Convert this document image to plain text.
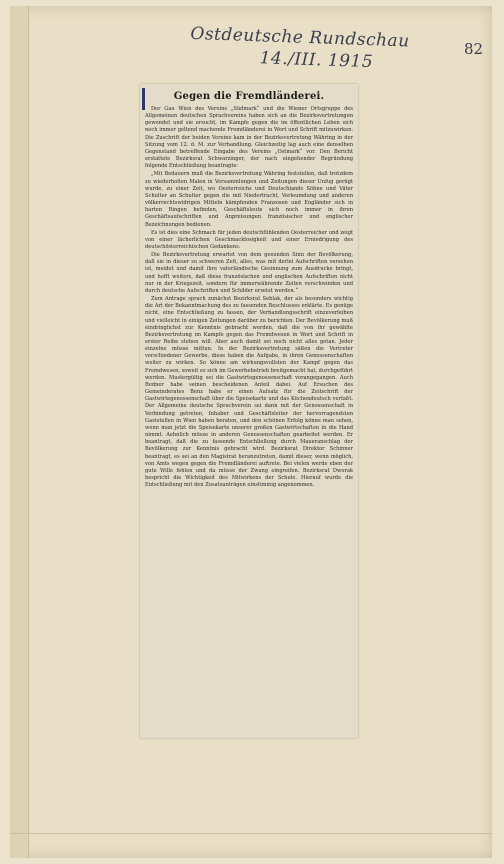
Ostdeutsche Rundschau
14./III. 1915	82
Gegen die Fremdländerei.

Der Gau Wien des Vereins „Südmark“ und die Wiener Ortsgruppe des Allgemeinen deutschen Sprachvereins haben sich an die Bezirksvertretungen gewendet und sie ersucht, im Kampfe gegen die im öffentlichen Leben sich noch immer geltend machende Fremdländerei in Wort und Schrift mitzuwirken. Die Zuschrift der beiden Vereine kam in der Bezirksvertretung Währing in der Sitzung vom 12. d. M. zur Verhandlung. Gleichzeitig lag auch eine denselben Gegenstand betreffende Eingabe des Vereins „Ostmark“ vor. Den Bericht erstattete Bezirksrat Schwarzinger, der nach eingehender Begründung folgende Entschließung beantragte:

„Mit Bedauern muß die Bezirksvertretung Währing feststellen, daß trotzdem zu wiederholten Malen in Versammlungen und Zeitungen dieser Unfug gerügt wurde, zu einer Zeit, wo Oesterreichs und Deutschlands Söhne und Väter Schulter an Schulter gegen die mit Niedertracht, Verleumdung und anderen völkerrechtswidrigen Mitteln kämpfenden Franzosen und Engländer sich in harten Ringen befinden, Geschäftsleute sich noch immer in ihren Geschäftsaufschriften und Anpreisungen französischer und englischer Bezeichnungen bedienen.

Es ist dies eine Schmach für jeden deutschfühlenden Oesterreicher und zeigt von einer lächerlichen Geschmacklosigkeit und einer Erniedrigung des deutschösterreichischen Gedankens.

Die Bezirksvertretung erwartet von dem gesunden Sinn der Bevölkerung, daß sie in dieser so schweren Zeit, alles, was mit derlei Aufschriften versehen ist, meidet und damit ihre vaterländische Gesinnung zum Ausdrucke bringt, und hofft weiters, daß diese französischen und englischen Aufschriften nicht nur in der Kriegszeit, sondern für immerwährende Zeiten verschwinden und durch deutsche Aufschriften und Schilder ersetzt werden.“

Zum Antrage sprach zunächst Bezirksrat Seblak, der als besonders wichtig die Art der Bekanntmachung des zu fassenden Beschlusses erklärte. Es genüge nicht, eine Entschließung zu fassen, der Verhandlungsschrift einzuverleiben und vielleicht in einigen Zeitungen darüber zu berichten. Der Bevölkerung muß eindringlichst zur Kenntnis gebracht werden, daß die von ihr gewählte Bezirksvertretung im Kampfe gegen das Fremdwesen in Wort und Schrift in erster Reihe stehen will. Aber auch damit sei noch nicht alles getan. Jeder einzelne müsse mittun. In der Bezirksvertretung säßen die Vertreter verschiedener Gewerbe, diese haben die Aufgabe, in ihren Genossenschaften weiter zu wirken. So könne am wirkungsvollsten der Kampf gegen das Fremdwesen, soweit es sich im Gewerbebetrieb breitgemacht hat, durchgeführt werden. Mustergültig sei die Gastwirtegenossenschaft vorangegangen. Auch Redner habe seinen bescheidenen Anteil dabei. Auf Ersuchen des Gemeinderates Benz habe er einen Aufsatz für die Zeitschrift der Gastwirtegenossenschaft über die Speisekarte und das Küchendeutsch verfaßt. Der Allgemeine deutsche Sprachverein sei dann mit der Genossenschaft in Verbindung getreten, Inhaber und Geschäftsleiter der hervorragendsten Gaststellen in Wien haben beraten, und den schönen Erfolg könne man sehen, wenn man jetzt die Speisekarte unserer großen Gastwirtschaften in die Hand nimmt. Aehnlich müsse in anderen Genossenschaften gearbeitet werden. Er beantragt, daß die zu fassende Entschließung durch Maueranschlag der Bevölkerung zur Kenntnis gebracht wird. Bezirksrat Direktor Schinner beantragt, es sei an den Magistrat heranzutreten, damit dieser, wenn möglich, von Amts wegen gegen die Fremdländerei auftrete. Bei vielen werde eben der gute Wille fehlen und da müsse der Zwang eingreifen. Bezirksrat Dworak bespricht die Wichtigkeit des Mitwirkens der Schule. Hierauf wurde die Entschließung mit den Zusatzanträgen einstimmig angenommen.
